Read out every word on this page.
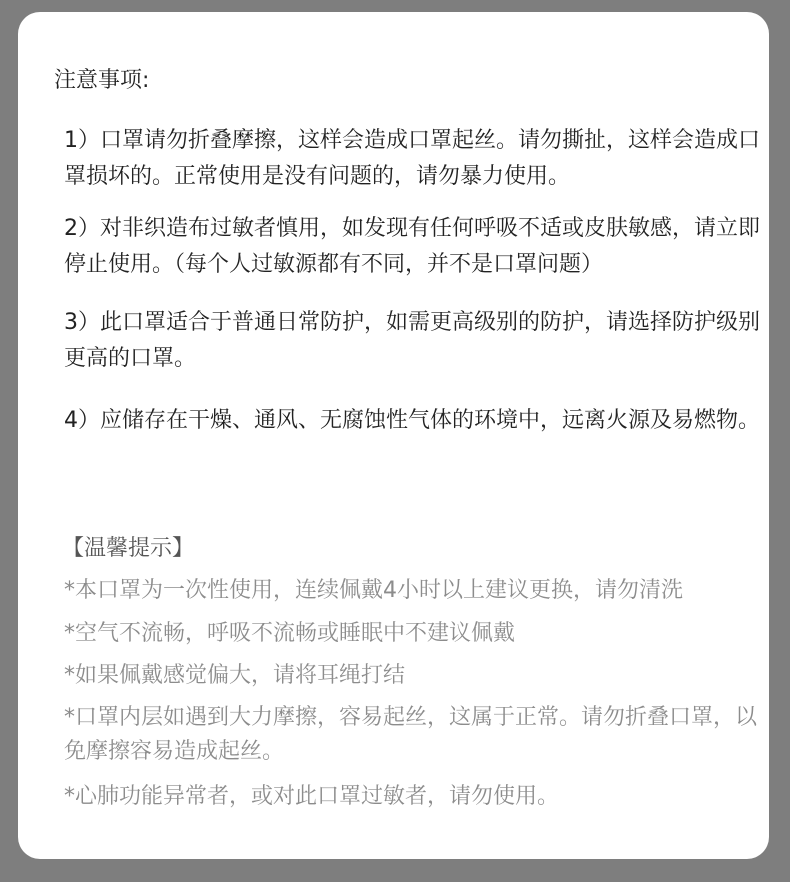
注意事项:

1）口罩请勿折叠摩擦，这样会造成口罩起丝。请勿撕扯，这样会造成口罩损坏的。正常使用是没有问题的，请勿暴力使用。

2）对非织造布过敏者慎用，如发现有任何呼吸不适或皮肤敏感，请立即停止使用。（每个人过敏源都有不同，并不是口罩问题）

3）此口罩适合于普通日常防护，如需更高级别的防护，请选择防护级别更高的口罩。

4）应储存在干燥、通风、无腐蚀性气体的环境中，远离火源及易燃物。

【温馨提示】

*本口罩为一次性使用，连续佩戴4小时以上建议更换，请勿清洗

*空气不流畅，呼吸不流畅或睡眠中不建议佩戴

*如果佩戴感觉偏大，请将耳绳打结

*口罩内层如遇到大力摩擦，容易起丝，这属于正常。请勿折叠口罩，以免摩擦容易造成起丝。

*心肺功能异常者，或对此口罩过敏者，请勿使用。
